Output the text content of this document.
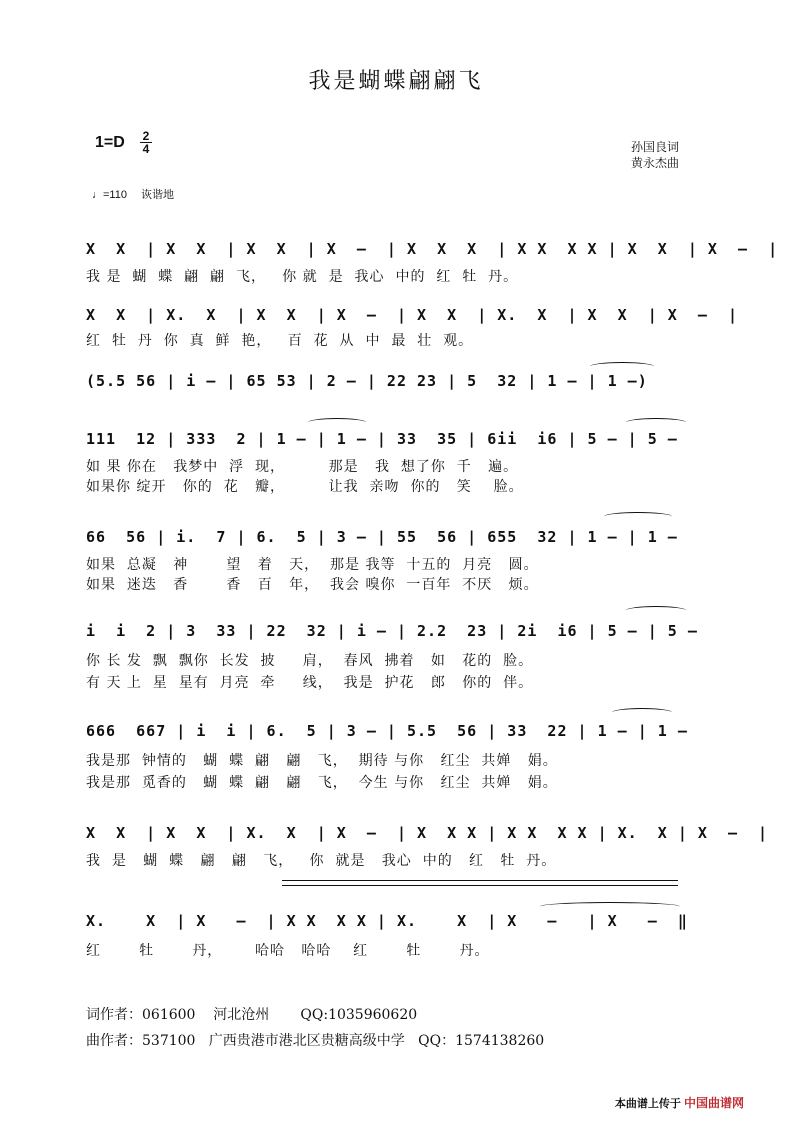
我是蝴蝶翩翩飞
1=D 2
4	孙国良词
黄永杰曲
♩=110 诙谐地
X  X  | X  X  | X  X  | X  –  | X  X  X  | X X  X X | X  X  | X  –  |
我 是  蝴  蝶  翩  翩  飞，   你 就  是  我心  中的  红  牡  丹。
X  X  | X.  X  | X  X  | X  –  | X  X  | X.  X  | X  X  | X  –  |
红  牡  丹  你  真  鲜  艳，   百  花  从  中  最  壮  观。
(5.5 56 | i – | 65 53 | 2 – | 22 23 | 5  32 | 1 – | 1 –)
111  12 | 333  2 | 1 – | 1 – | 33  35 | 6ii  i6 | 5 – | 5 –
如 果 你在   我梦中  浮  现，        那是   我  想了你  千   遍。
如果你 绽开   你的  花   瓣，        让我  亲吻  你的   笑    脸。
66  56 | i.  7 | 6.  5 | 3 – | 55  56 | 655  32 | 1 – | 1 –
如果  总凝   神       望   着   天，  那是 我等  十五的  月亮   圆。
如果  迷迭   香       香   百   年，  我会 嗅你  一百年  不厌   烦。
i  i  2 | 3  33 | 22  32 | i – | 2.2  23 | 2i  i6 | 5 – | 5 –
你 长 发  飘  飘你  长发  披     肩，  春风  拂着   如   花的  脸。
有 天 上  星  星有  月亮  牵     线，  我是  护花   郎   你的  伴。
666  667 | i  i | 6.  5 | 3 – | 5.5  56 | 33  22 | 1 – | 1 –
我是那  钟情的   蝴  蝶  翩   翩   飞，  期待 与你   红尘  共婵   娟。
我是那  觅香的   蝴  蝶  翩   翩   飞，  今生 与你   红尘  共婵   娟。
X  X  | X  X  | X.  X  | X  –  | X  X X | X X  X X | X.  X | X  –  |
我  是   蝴  蝶   翩   翩   飞，   你  就是   我心  中的   红   牡  丹。
X.    X  | X   –  | X X  X X | X.    X  | X   –   | X   –  ‖
红       牡       丹，      哈哈   哈哈    红       牡       丹。
词作者：061600    河北沧州       QQ:1035960620
曲作者：537100   广西贵港市港北区贵糖高级中学   QQ：1574138260
本曲谱上传于 中国曲谱网
